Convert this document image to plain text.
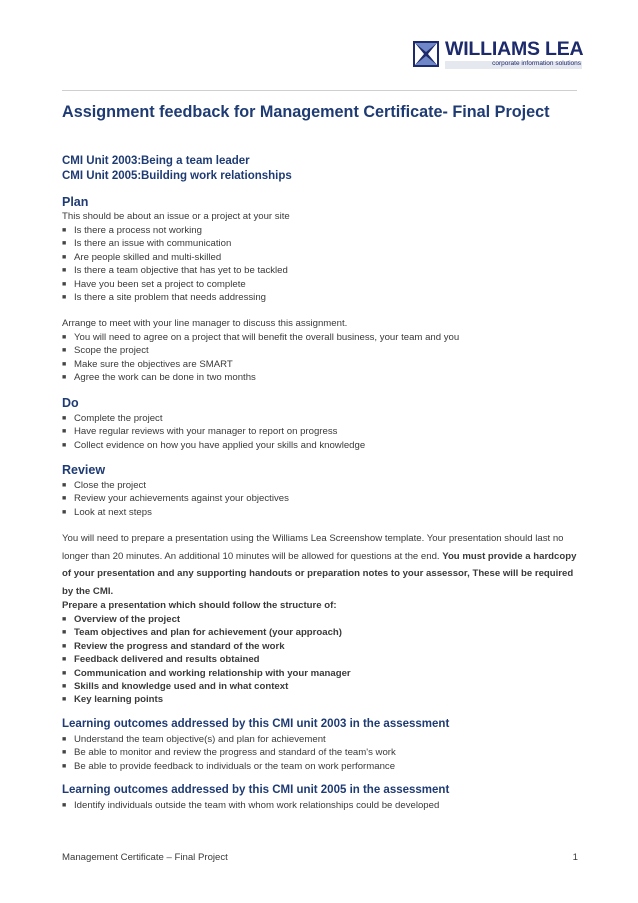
WILLIAMS LEA
corporate information solutions
Assignment feedback for Management Certificate- Final Project
CMI Unit 2003:Being a team leader
CMI Unit 2005:Building work relationships
Plan

This should be about an issue or a project at your site

■ Is there a process not working
■ Is there an issue with communication
■ Are people skilled and multi-skilled
■ Is there a team objective that has yet to be tackled
■ Have you been set a project to complete
■ Is there a site problem that needs addressing

Arrange to meet with your line manager to discuss this assignment.

■ You will need to agree on a project that will benefit the overall business, your team and you
■ Scope the project
■ Make sure the objectives are SMART
■ Agree the work can be done in two months
Do
■ Complete the project
■ Have regular reviews with your manager to report on progress
■ Collect evidence on how you have applied your skills and knowledge
Review
■ Close the project
■ Review your achievements against your objectives
■ Look at next steps

You will need to prepare a presentation using the Williams Lea Screenshow template. Your presentation should last no longer than 20 minutes. An additional 10 minutes will be allowed for questions at the end. You must provide a hardcopy of your presentation and any supporting handouts or preparation notes to your assessor, These will be required by the CMI.

Prepare a presentation which should follow the structure of:

■ Overview of the project
■ Team objectives and plan for achievement (your approach)
■ Review the progress and standard of the work
■ Feedback delivered and results obtained
■ Communication and working relationship with your manager
■ Skills and knowledge used and in what context
■ Key learning points
Learning outcomes addressed by this CMI unit 2003 in the assessment
■ Understand the team objective(s) and plan for achievement
■ Be able to monitor and review the progress and standard of the team's work
■ Be able to provide feedback to individuals or the team on work performance
Learning outcomes addressed by this CMI unit 2005 in the assessment
■ Identify individuals outside the team with whom work relationships could be developed
Management Certificate – Final Project	1
